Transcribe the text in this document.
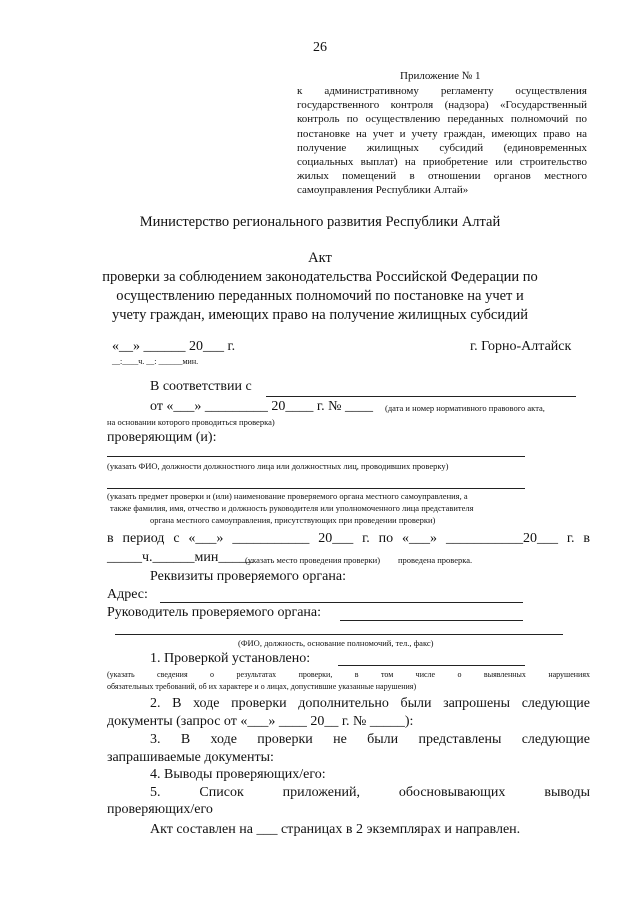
26
Приложение № 1
к административному регламенту осуществления государственного контроля (надзора) «Государственный контроль по осуществлению переданных полномочий по постановке на учет и учету граждан, имеющих право на получение жилищных субсидий (единовременных социальных выплат) на приобретение или строительство жилых помещений в отношении органов местного самоуправления Республики Алтай»
Министерство регионального развития Республики Алтай
Акт
проверки за соблюдением законодательства Российской Федерации по осуществлению переданных полномочий по постановке на учет и учету граждан, имеющих право на получение жилищных субсидий
«__» ______ 20___ г.
__:____ч. __: ______мин.
г. Горно-Алтайск
В соответствии с
от «___» _________ 20____ г. № ____ (дата и номер нормативного правового акта,
на основании которого проводиться проверка)
проверяющим (и):
(указать ФИО, должности должностного лица или должностных лиц, проводивших проверку)
(указать предмет проверки и (или) наименование проверяемого органа местного самоуправления, а
также фамилия, имя, отчество и должность руководителя или уполномоченного лица представителя
органа местного самоуправления, присутствующих при проведении проверки)
в период с «___» ___________ 20___ г. по «___» ___________20___ г. в
_____ч.______мин_____
(указать место проведения проверки) проведена проверка.
Реквизиты проверяемого органа:
Адрес:
Руководитель проверяемого органа:
(ФИО, должность, основание полномочий, тел., факс)
1. Проверкой установлено:
(указать сведения о результатах проверки, в том числе о выявленных нарушениях
обязательных требований, об их характере и о лицах, допустившие указанные нарушения)
2. В ходе проверки дополнительно были запрошены следующие
документы (запрос от «___» ____ 20__ г. № _____):
3. В ходе проверки не были представлены следующие
запрашиваемые документы:
4. Выводы проверяющих/его:
5. Список приложений, обосновывающих выводы
проверяющих/его
Акт составлен на ___ страницах в 2 экземплярах и направлен.
